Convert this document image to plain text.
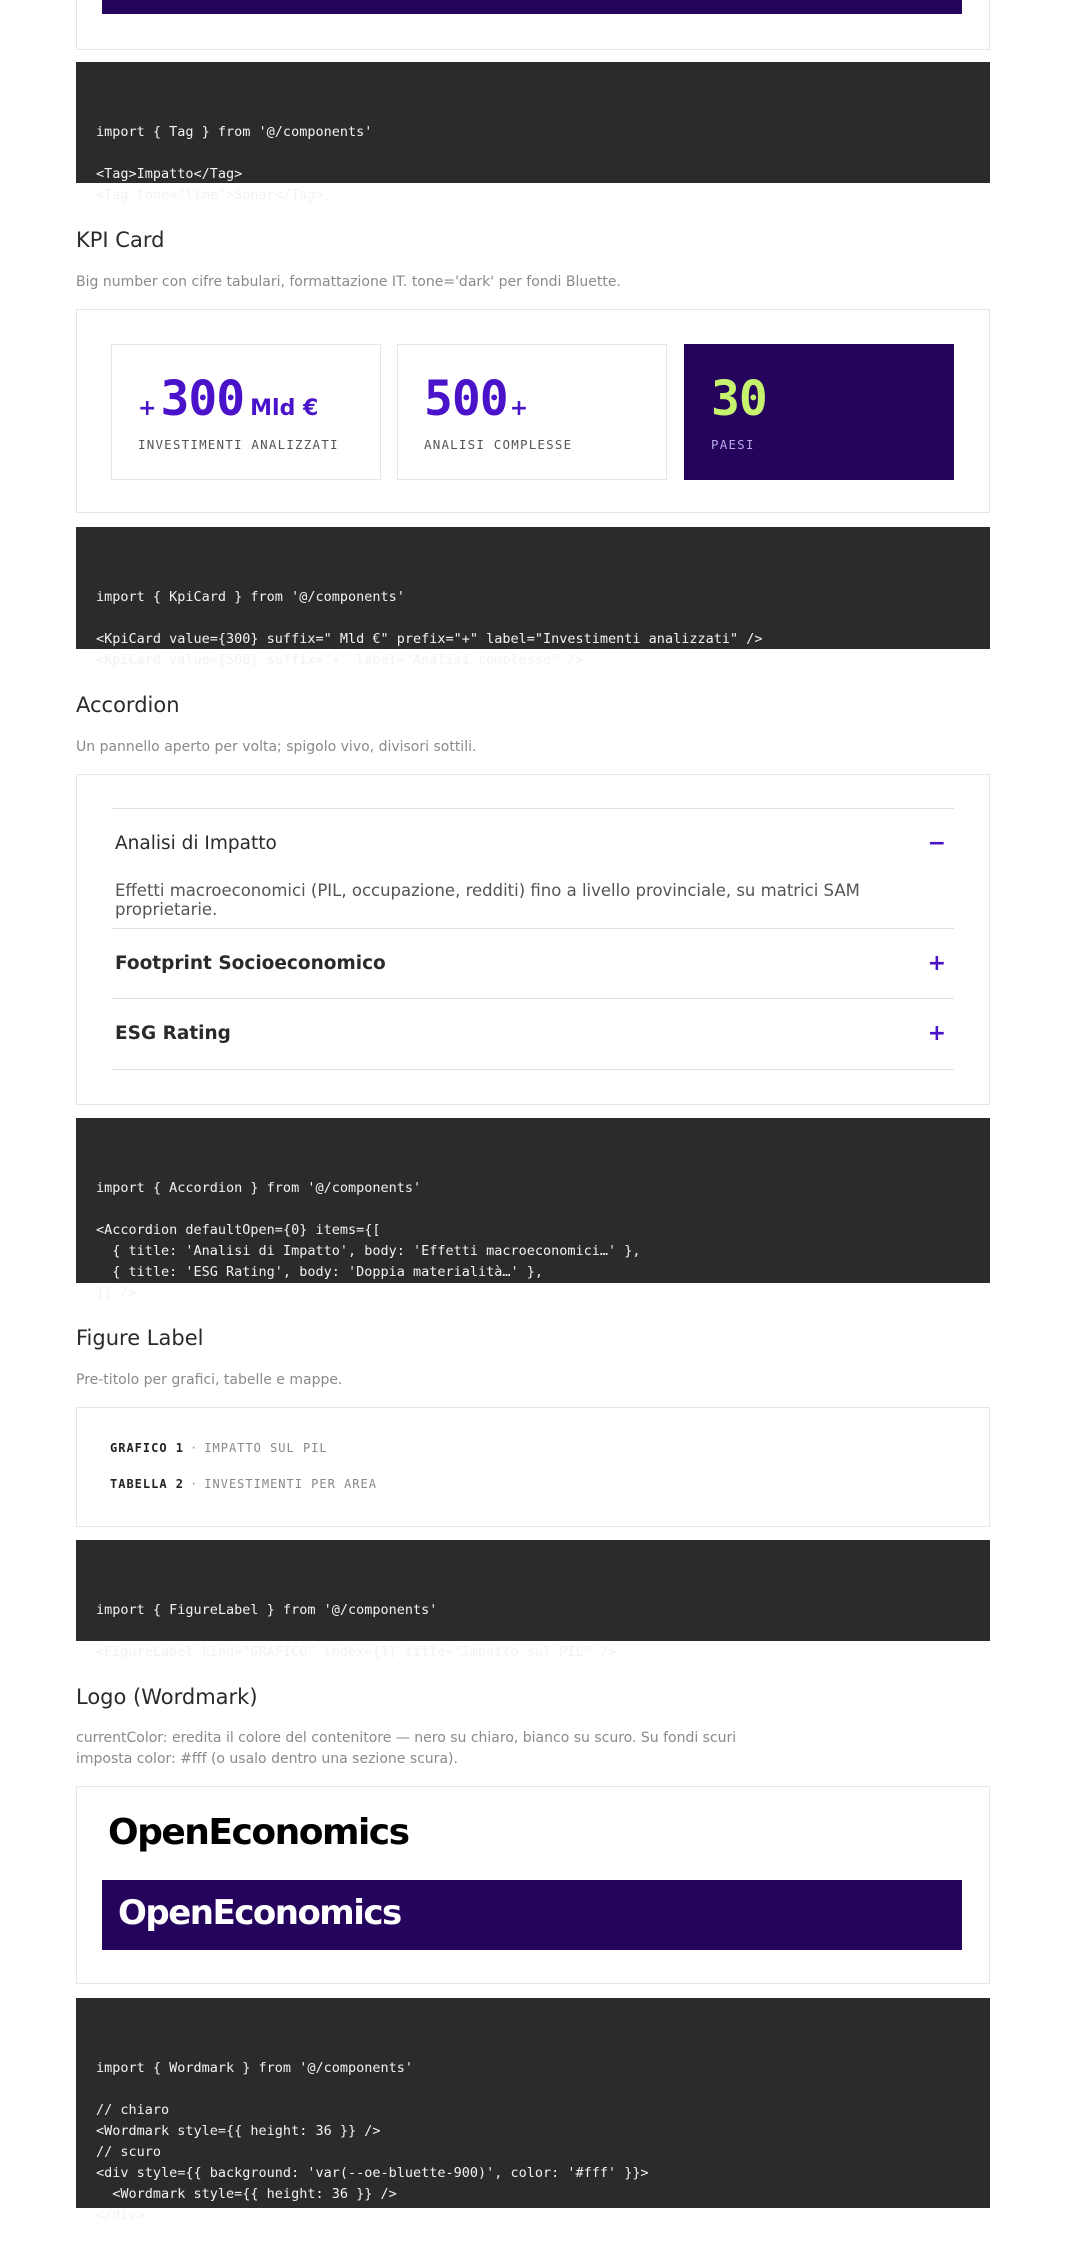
import { Tag } from '@/components'
<Tag>Impatto</Tag>
<Tag tone="lime">Sonar</Tag>

KPI Card

Big number con cifre tabulari, formattazione IT. tone='dark' per fondi Bluette.

+ 300 Mld €
INVESTIMENTI ANALIZZATI
500 +
ANALISI COMPLESSE
30
PAESI

import { KpiCard } from '@/components'
<KpiCard value={300} suffix=" Mld €" prefix="+" label="Investimenti analizzati" />
<KpiCard value={500} suffix="+" label="Analisi complesse" />

Accordion

Un pannello aperto per volta; spigolo vivo, divisori sottili.

Analisi di Impatto	−
Effetti macroeconomici (PIL, occupazione, redditi) fino a livello provinciale, su matrici SAM proprietarie.
Footprint Socioeconomico	+
ESG Rating	+

import { Accordion } from '@/components'
<Accordion defaultOpen={0} items={[
{ title: 'Analisi di Impatto', body: 'Effetti macroeconomici…' },
{ title: 'ESG Rating', body: 'Doppia materialità…' },
]} />

Figure Label

Pre-titolo per grafici, tabelle e mappe.

GRAFICO 1 · IMPATTO SUL PIL
TABELLA 2 · INVESTIMENTI PER AREA

import { FigureLabel } from '@/components'
<FigureLabel kind="GRAFICO" index={1} title="Impatto sul PIL" />

Logo (Wordmark)

currentColor: eredita il colore del contenitore — nero su chiaro, bianco su scuro. Su fondi scuri
imposta color: #fff (o usalo dentro una sezione scura).

OpenEconomics
OpenEconomics

import { Wordmark } from '@/components'
// chiaro
<Wordmark style={{ height: 36 }} />
// scuro
<div style={{ background: 'var(--oe-bluette-900)', color: '#fff' }}>
<Wordmark style={{ height: 36 }} />
</div>
